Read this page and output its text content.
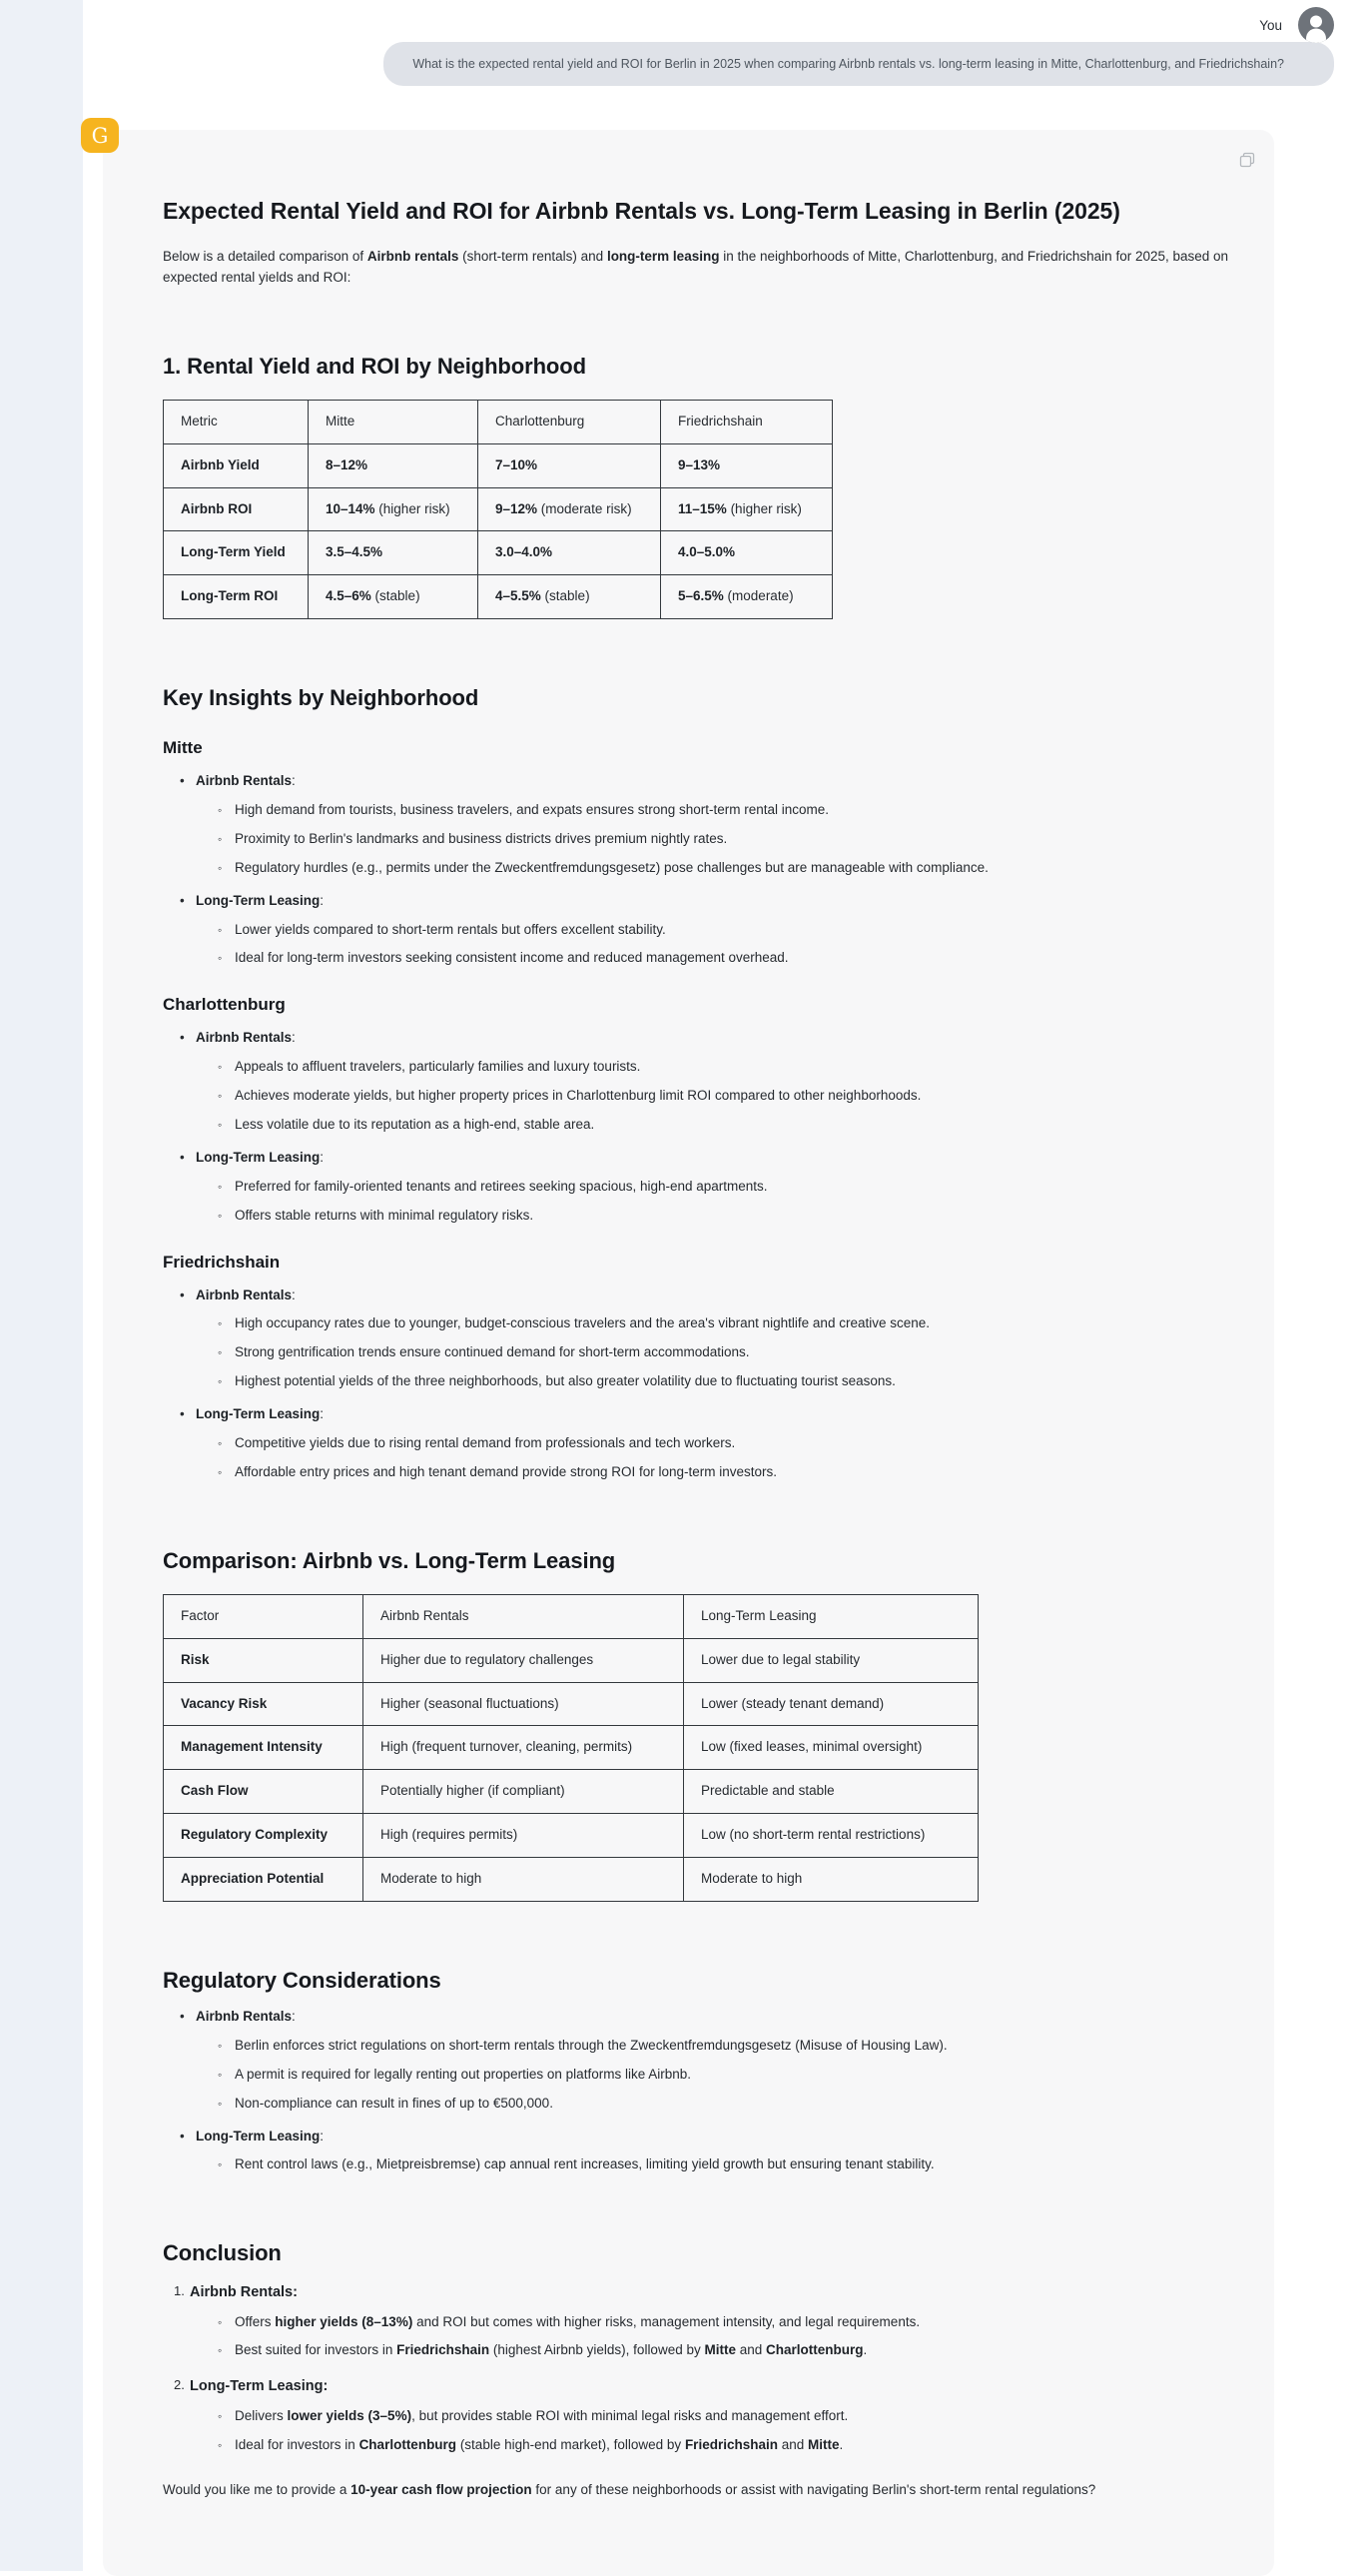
You
What is the expected rental yield and ROI for Berlin in 2025 when comparing Airbnb rentals vs. long-term leasing in Mitte, Charlottenburg, and Friedrichshain?
G
Expected Rental Yield and ROI for Airbnb Rentals vs. Long-Term Leasing in Berlin (2025)
Below is a detailed comparison of Airbnb rentals (short-term rentals) and long-term leasing in the neighborhoods of Mitte, Charlottenburg, and Friedrichshain for 2025, based on expected rental yields and ROI:
1. Rental Yield and ROI by Neighborhood
Metric	Mitte	Charlottenburg	Friedrichshain
Airbnb Yield	8–12%	7–10%	9–13%
Airbnb ROI	10–14% (higher risk)	9–12% (moderate risk)	11–15% (higher risk)
Long-Term Yield	3.5–4.5%	3.0–4.0%	4.0–5.0%
Long-Term ROI	4.5–6% (stable)	4–5.5% (stable)	5–6.5% (moderate)
Key Insights by Neighborhood
Mitte
• Airbnb Rentals:
◦ High demand from tourists, business travelers, and expats ensures strong short-term rental income.
◦ Proximity to Berlin's landmarks and business districts drives premium nightly rates.
◦ Regulatory hurdles (e.g., permits under the Zweckentfremdungsgesetz) pose challenges but are manageable with compliance.
• Long-Term Leasing:
◦ Lower yields compared to short-term rentals but offers excellent stability.
◦ Ideal for long-term investors seeking consistent income and reduced management overhead.
Charlottenburg
• Airbnb Rentals:
◦ Appeals to affluent travelers, particularly families and luxury tourists.
◦ Achieves moderate yields, but higher property prices in Charlottenburg limit ROI compared to other neighborhoods.
◦ Less volatile due to its reputation as a high-end, stable area.
• Long-Term Leasing:
◦ Preferred for family-oriented tenants and retirees seeking spacious, high-end apartments.
◦ Offers stable returns with minimal regulatory risks.
Friedrichshain
• Airbnb Rentals:
◦ High occupancy rates due to younger, budget-conscious travelers and the area's vibrant nightlife and creative scene.
◦ Strong gentrification trends ensure continued demand for short-term accommodations.
◦ Highest potential yields of the three neighborhoods, but also greater volatility due to fluctuating tourist seasons.
• Long-Term Leasing:
◦ Competitive yields due to rising rental demand from professionals and tech workers.
◦ Affordable entry prices and high tenant demand provide strong ROI for long-term investors.
Comparison: Airbnb vs. Long-Term Leasing
Factor	Airbnb Rentals	Long-Term Leasing
Risk	Higher due to regulatory challenges	Lower due to legal stability
Vacancy Risk	Higher (seasonal fluctuations)	Lower (steady tenant demand)
Management Intensity	High (frequent turnover, cleaning, permits)	Low (fixed leases, minimal oversight)
Cash Flow	Potentially higher (if compliant)	Predictable and stable
Regulatory Complexity	High (requires permits)	Low (no short-term rental restrictions)
Appreciation Potential	Moderate to high	Moderate to high
Regulatory Considerations
• Airbnb Rentals:
◦ Berlin enforces strict regulations on short-term rentals through the Zweckentfremdungsgesetz (Misuse of Housing Law).
◦ A permit is required for legally renting out properties on platforms like Airbnb.
◦ Non-compliance can result in fines of up to €500,000.
• Long-Term Leasing:
◦ Rent control laws (e.g., Mietpreisbremse) cap annual rent increases, limiting yield growth but ensuring tenant stability.
Conclusion
1. Airbnb Rentals:
◦ Offers higher yields (8–13%) and ROI but comes with higher risks, management intensity, and legal requirements.
◦ Best suited for investors in Friedrichshain (highest Airbnb yields), followed by Mitte and Charlottenburg.
2. Long-Term Leasing:
◦ Delivers lower yields (3–5%), but provides stable ROI with minimal legal risks and management effort.
◦ Ideal for investors in Charlottenburg (stable high-end market), followed by Friedrichshain and Mitte.
Would you like me to provide a 10-year cash flow projection for any of these neighborhoods or assist with navigating Berlin's short-term rental regulations?
